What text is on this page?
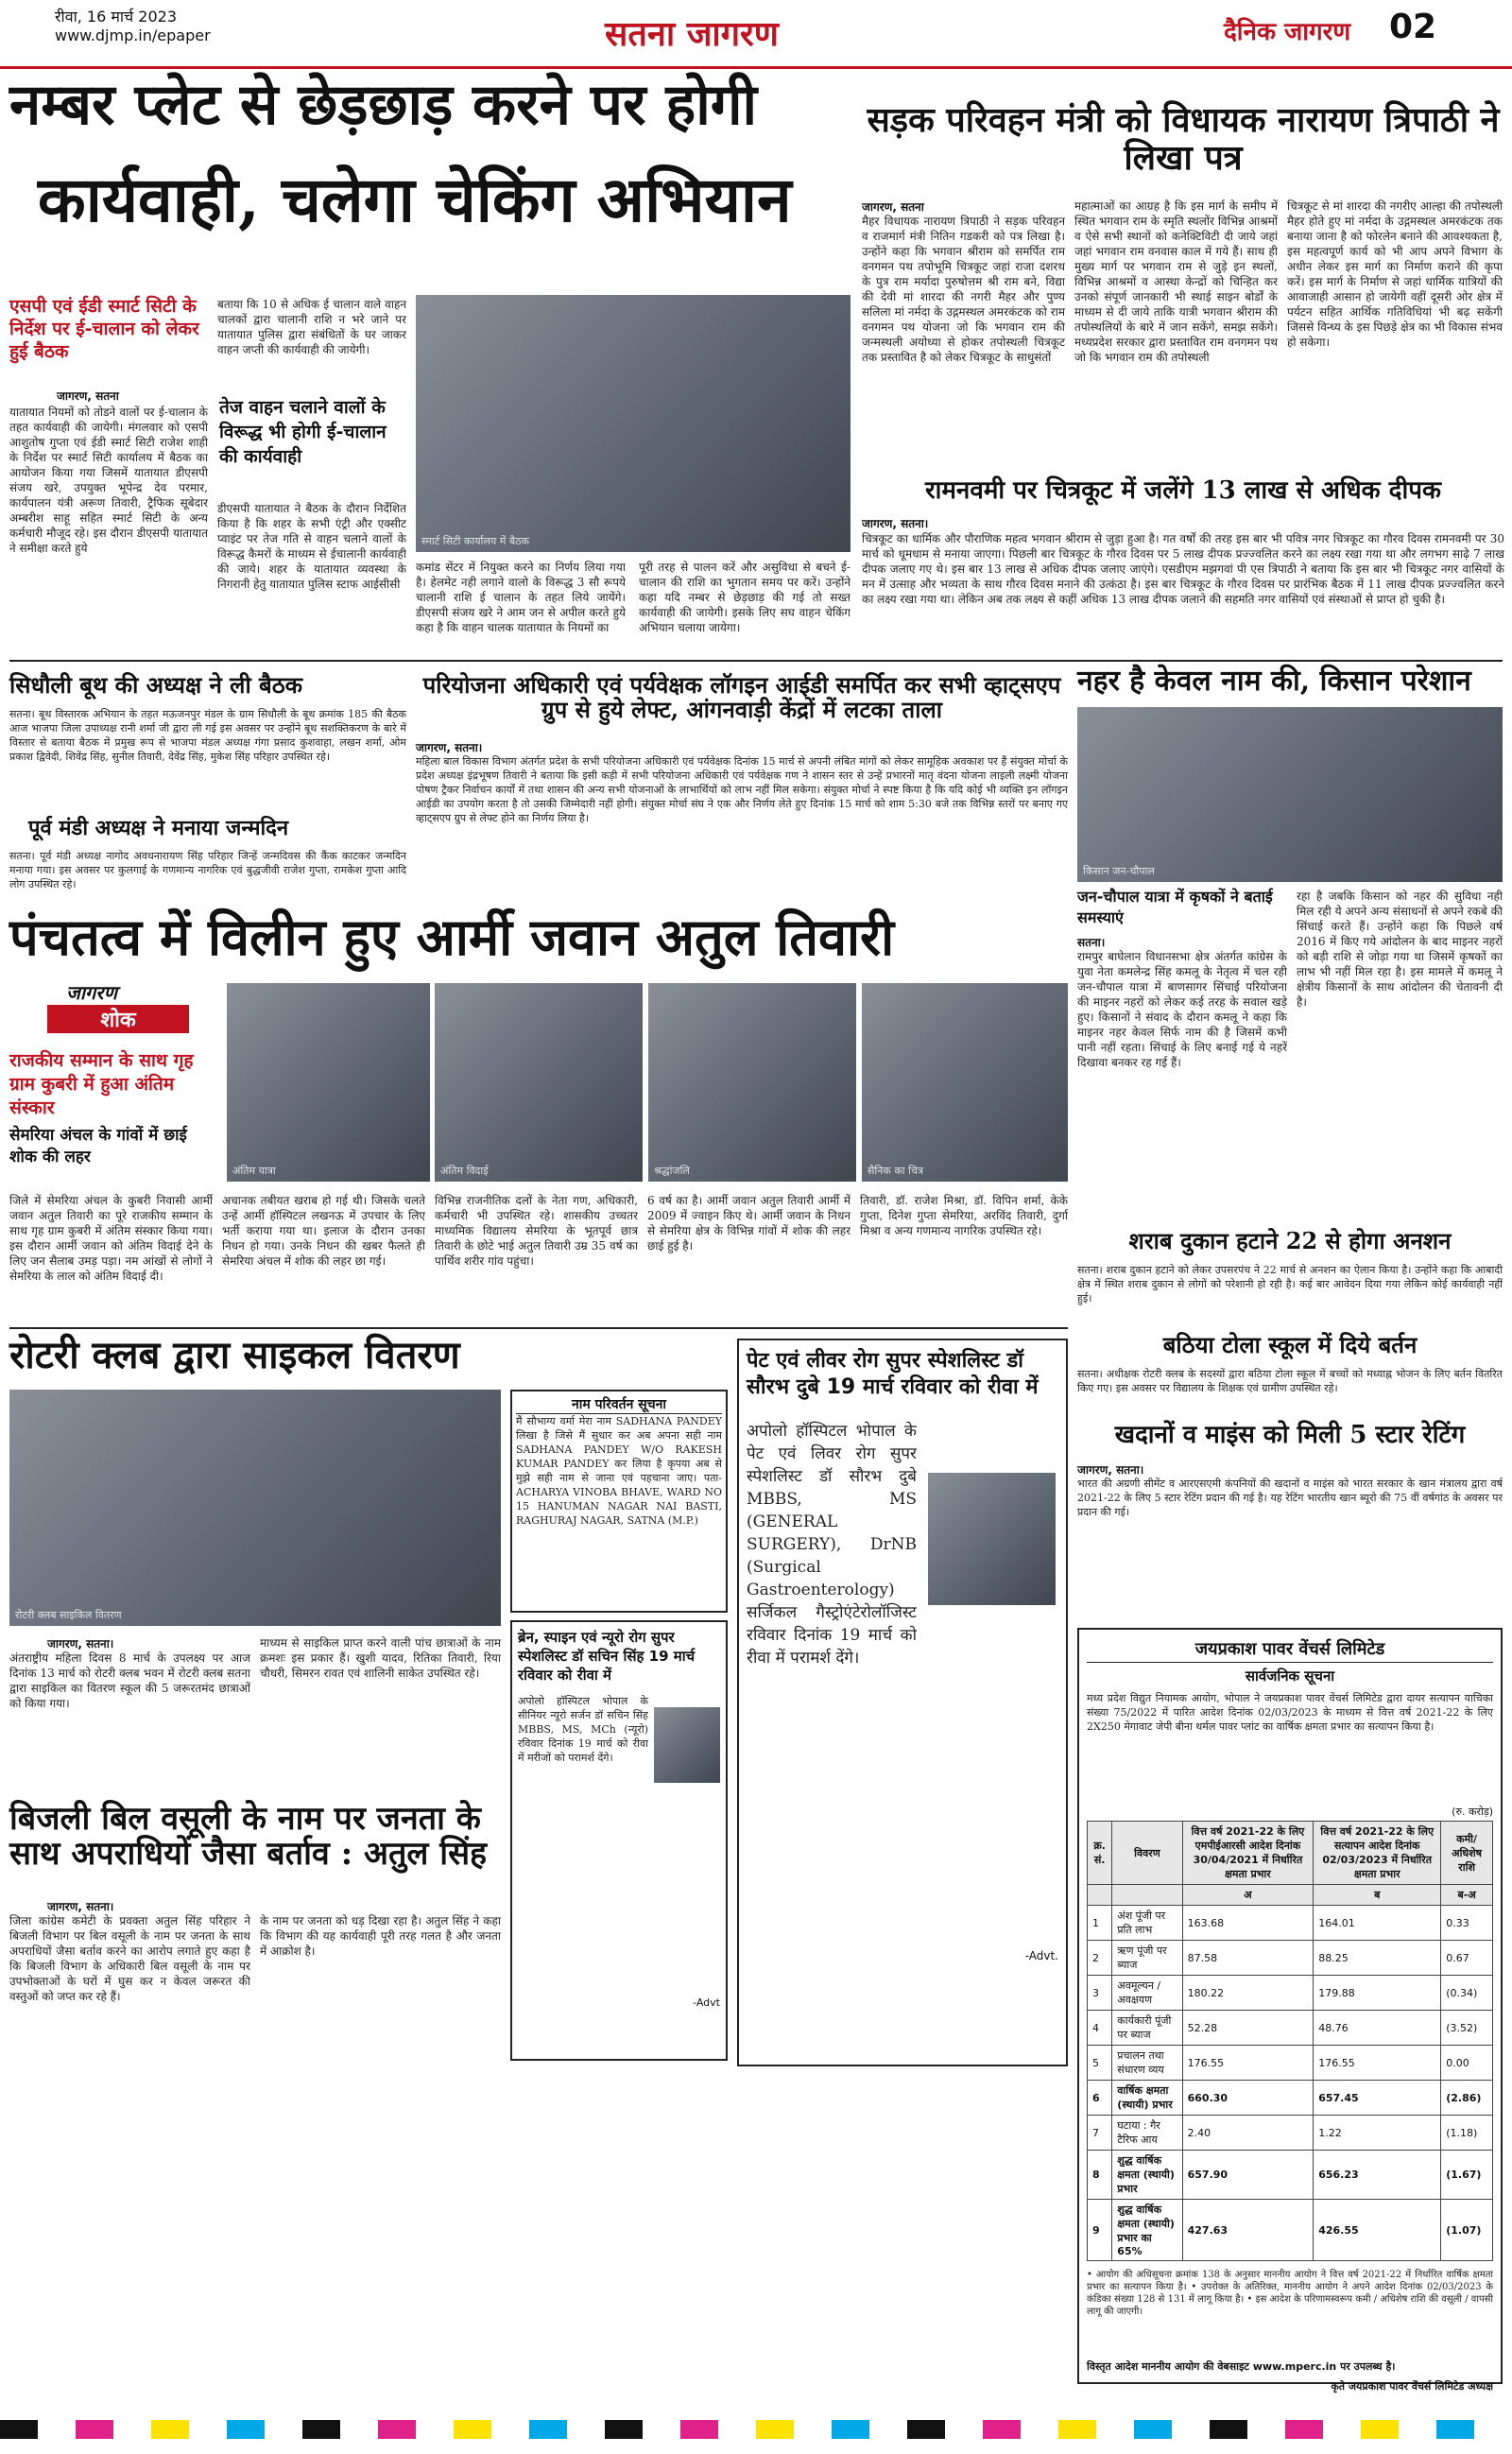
रीवा, 16 मार्च 2023
www.djmp.in/epaper	सतना जागरण	दैनिक जागरण 02
नम्बर प्लेट से छेड़छाड़ करने पर होगी
कार्यवाही, चलेगा चेकिंग अभियान
एसपी एवं ईडी स्मार्ट सिटी के निर्देश पर ई-चालान को लेकर हुई बैठक
जागरण, सतना
यातायात नियमों को तोडने वालों पर ई-चालान के तहत कार्यवाही की जायेगी। मंगलवार को एसपी आशुतोष गुप्ता एवं ईडी स्मार्ट सिटी राजेश शाही के निर्देश पर स्मार्ट सिटी कार्यालय में बैठक का आयोजन किया गया जिसमें यातायात डीएसपी संजय खरे, उपयुक्त भूपेन्द्र देव परमार, कार्यपालन यंत्री अरूण तिवारी, ट्रैफिक सूबेदार अम्बरीश साहू सहित स्मार्ट सिटी के अन्य कर्मचारी मौजूद रहे। इस दौरान डीएसपी यातायात ने समीक्षा करते हुये
बताया कि 10 से अधिक ई चालान वाले वाहन चालकों द्वारा चालानी राशि न भरे जाने पर यातायात पुलिस द्वारा संबंधितों के घर जाकर वाहन जप्ती की कार्यवाही की जायेगी।
तेज वाहन चलाने वालों के विरूद्ध भी होगी ई-चालान की कार्यवाही
डीएसपी यातायात ने बैठक के दौरान निर्देशित किया है कि शहर के सभी एंट्री और एक्सीट प्वाइंट पर तेज गति से वाहन चलाने वालों के विरूद्ध कैमरों के माध्यम से ईचालानी कार्यवाही की जाये। शहर के यातायात व्यवस्था के निगरानी हेतु यातायात पुलिस स्टाफ आईसीसी
स्मार्ट सिटी कार्यालय में बैठक
कमांड सेंटर में नियुक्त करने का निर्णय लिया गया है। हेलमेट नही लगाने वालो के विरूद्ध 3 सौ रूपये चालानी राशि ई चालान के तहत लिये जायेंगे। डीएसपी संजय खरे ने आम जन से अपील करते हुये कहा है कि वाहन चालक यातायात के नियमों का
पूरी तरह से पालन करें और असुविधा से बचने ई-चालान की राशि का भुगतान समय पर करें। उन्होंने कहा यदि नम्बर से छेड़छाड़ की गई तो सख्त कार्यवाही की जायेगी। इसके लिए सघ वाहन चेकिंग अभियान चलाया जायेगा।
सड़क परिवहन मंत्री को विधायक नारायण त्रिपाठी ने लिखा पत्र
जागरण, सतना
मैहर विधायक नारायण त्रिपाठी ने सड़क परिवहन व राजमार्ग मंत्री नितिन गडकरी को पत्र लिखा है। उन्होंने कहा कि भगवान श्रीराम को समर्पित राम वनगमन पथ तपोभूमि चित्रकूट जहां राजा दशरथ के पुत्र राम मर्यादा पुरुषोत्तम श्री राम बने, विद्या की देवी मां शारदा की नगरी मैहर और पुण्य सलिला मां नर्मदा के उद्गमस्थल अमरकंटक को राम वनगमन पथ योजना जो कि भगवान राम की जन्मस्थली अयोध्या से होकर तपोस्थली चित्रकूट तक प्रस्तावित है को लेकर चित्रकूट के साधुसंतों
महात्माओं का आग्रह है कि इस मार्ग के समीप में स्थित भगवान राम के स्मृति स्थलोंर विभिन्न आश्रमों व ऐसे सभी स्थानों को कनेक्टिविटी दी जाये जहां जहां भगवान राम वनवास काल में गये हैं। साथ ही मुख्य मार्ग पर भगवान राम से जुड़े इन स्थलों, विभिन्न आश्रमों व आस्था केन्द्रों को चिन्हित कर उनको संपूर्ण जानकारी भी स्थाई साइन बोर्डों के माध्यम से दी जाये ताकि यात्री भगवान श्रीराम की तपोस्थलियों के बारे में जान सकेंगे, समझ सकेंगे। मध्यप्रदेश सरकार द्वारा प्रस्तावित राम वनगमन पथ जो कि भगवान राम की तपोस्थली
चित्रकूट से मां शारदा की नगरीए आल्हा की तपोस्थली मैहर होते हुए मां नर्मदा के उद्गमस्थल अमरकंटक तक बनाया जाना है को फोरलेन बनाने की आवश्यकता है, इस महत्वपूर्ण कार्य को भी आप अपने विभाग के अधीन लेकर इस मार्ग का निर्माण कराने की कृपा करें। इस मार्ग के निर्माण से जहां धार्मिक यात्रियों की आवाजाही आसान हो जायेगी वहीं दूसरी ओर क्षेत्र में पर्यटन सहित आर्थिक गतिविधियां भी बढ़ सकेंगी जिससे विन्ध्य के इस पिछड़े क्षेत्र का भी विकास संभव हो सकेगा।
रामनवमी पर चित्रकूट में जलेंगे 13 लाख से अधिक दीपक
जागरण, सतना।
चित्रकूट का धार्मिक और पौराणिक महत्व भगवान श्रीराम से जुड़ा हुआ है। गत वर्षों की तरह इस बार भी पवित्र नगर चित्रकूट का गौरव दिवस रामनवमी पर 30 मार्च को धूमधाम से मनाया जाएगा। पिछली बार चित्रकूट के गौरव दिवस पर 5 लाख दीपक प्रज्ज्वलित करने का लक्ष्य रखा गया था और लगभग साढ़े 7 लाख दीपक जलाए गए थे। इस बार 13 लाख से अधिक दीपक जलाए जाएंगे। एसडीएम मझगवां पी एस त्रिपाठी ने बताया कि इस बार भी चित्रकूट नगर वासियों के मन में उत्साह और भव्यता के साथ गौरव दिवस मनाने की उत्कंठा है। इस बार चित्रकूट के गौरव दिवस पर प्रारंभिक बैठक में 11 लाख दीपक प्रज्ज्वलित करने का लक्ष्य रखा गया था। लेकिन अब तक लक्ष्य से कहीं अधिक 13 लाख दीपक जलाने की सहमति नगर वासियों एवं संस्थाओं से प्राप्त हो चुकी है।
सिधौली बूथ की अध्यक्ष ने ली बैठक
सतना। बूथ विस्तारक अभियान के तहत मऊजनपुर मंडल के ग्राम सिधौली के बूथ क्रमांक 185 की बैठक आज भाजपा जिला उपाध्यक्ष रानी शर्मा जी द्वारा ली गई इस अवसर पर उन्होंने बूथ सशक्तिकरण के बारे में विस्तार से बताया बैठक में प्रमुख रूप से भाजपा मंडल अध्यक्ष गंगा प्रसाद कुशवाहा, लखन शर्मा, ओम प्रकाश द्विवेदी, शिवेंद्र सिंह, सुनील तिवारी, देवेंद्र सिंह, मुकेश सिंह परिहार उपस्थित रहे।
पूर्व मंडी अध्यक्ष ने मनाया जन्मदिन
सतना। पूर्व मंडी अध्यक्ष नागोद अवधनारायण सिंह परिहार जिन्हें जन्मदिवस की कैंक काटकर जन्मदिन मनाया गया। इस अवसर पर कुलगाई के गणमान्य नागरिक एवं बुद्धजीवी राजेश गुप्ता, रामकेश गुप्ता आदि लोग उपस्थित रहे।
परियोजना अधिकारी एवं पर्यवेक्षक लॉगइन आईडी समर्पित कर सभी व्हाट्सएप ग्रुप से हुये लेफ्ट, आंगनवाड़ी केंद्रों में लटका ताला
जागरण, सतना।
महिला बाल विकास विभाग अंतर्गत प्रदेश के सभी परियोजना अधिकारी एवं पर्यवेक्षक दिनांक 15 मार्च से अपनी लंबित मांगों को लेकर सामूहिक अवकाश पर हैं संयुक्त मोर्चा के प्रदेश अध्यक्ष इंद्रभूषण तिवारी ने बताया कि इसी कड़ी में सभी परियोजना अधिकारी एवं पर्यवेक्षक गण ने शासन स्तर से उन्हें प्रभारनों मातृ वंदना योजना लाइली लक्ष्मी योजना पोषण ट्रैकर निर्वाचन कार्यों में तथा शासन की अन्य सभी योजनाओं के लाभार्थियों को लाभ नहीं मिल सकेगा। संयुक्त मोर्चा ने स्पष्ट किया है कि यदि कोई भी व्यक्ति इन लॉगइन आईडी का उपयोग करता है तो उसकी जिम्मेदारी नहीं होगी। संयुक्त मोर्चा संघ ने एक और निर्णय लेते हुए दिनांक 15 मार्च को शाम 5:30 बजे तक विभिन्न स्तरों पर बनाए गए व्हाट्सएप ग्रुप से लेफ्ट होने का निर्णय लिया है।
नहर है केवल नाम की, किसान परेशान
किसान जन-चौपाल
जन-चौपाल यात्रा में कृषकों ने बताई समस्याएं
सतना।
रामपुर बाघेलान विधानसभा क्षेत्र अंतर्गत कांग्रेस के युवा नेता कमलेन्द्र सिंह कमलू के नेतृत्व में चल रही जन-चौपाल यात्रा में बाणसागर सिंचाई परियोजना की माइनर नहरों को लेकर कई तरह के सवाल खड़े हुए। किसानों ने संवाद के दौरान कमलू ने कहा कि माइनर नहर केवल सिर्फ नाम की है जिसमें कभी पानी नहीं रहता। सिंचाई के लिए बनाई गई ये नहरें दिखावा बनकर रह गई हैं।
रहा है जबकि किसान को नहर की सुविधा नही मिल रही ये अपने अन्य संसाधनों से अपने रकबे की सिंचाई करते हैं। उन्होंने कहा कि पिछले वर्ष 2016 में किए गये आंदोलन के बाद माइनर नहरों को बड़ी राशि से जोड़ा गया था जिसमें कृषकों का लाभ भी नहीं मिल रहा है। इस मामले में कमलू ने क्षेत्रीय किसानों के साथ आंदोलन की चेतावनी दी है।
पंचतत्व में विलीन हुए आर्मी जवान अतुल तिवारी
जागरण
शोक
राजकीय सम्मान के साथ गृह ग्राम कुबरी में हुआ अंतिम संस्कार
सेमरिया अंचल के गांवों में छाई शोक की लहर
अंतिम यात्रा	अंतिम विदाई	श्रद्धांजलि	सैनिक का चित्र
जिले में सेमरिया अंचल के कुबरी निवासी आर्मी जवान अतुल तिवारी का पूरे राजकीय सम्मान के साथ गृह ग्राम कुबरी में अंतिम संस्कार किया गया। इस दौरान आर्मी जवान को अंतिम विदाई देने के लिए जन सैलाब उमड़ पड़ा। नम आंखों से लोगों ने सेमरिया के लाल को अंतिम विदाई दी।
अचानक तबीयत खराब हो गई थी। जिसके चलते उन्हें आर्मी हॉस्पिटल लखनऊ में उपचार के लिए भर्ती कराया गया था। इलाज के दौरान उनका निधन हो गया। उनके निधन की खबर फैलते ही सेमरिया अंचल में शोक की लहर छा गई।
विभिन्न राजनीतिक दलों के नेता गण, अधिकारी, कर्मचारी भी उपस्थित रहे। शासकीय उच्चतर माध्यमिक विद्यालय सेमरिया के भूतपूर्व छात्र तिवारी के छोटे भाई अतुल तिवारी उम्र 35 वर्ष का पार्थिव शरीर गांव पहुंचा।
6 वर्ष का है। आर्मी जवान अतुल तिवारी आर्मी में 2009 में ज्वाइन किए थे। आर्मी जवान के निधन से सेमरिया क्षेत्र के विभिन्न गांवों में शोक की लहर छाई हुई है।
तिवारी, डॉ. राजेश मिश्रा, डॉ. विपिन शर्मा, केके गुप्ता, दिनेश गुप्ता सेमरिया, अरविंद तिवारी, दुर्गा मिश्रा व अन्य गणमान्य नागरिक उपस्थित रहे।	शराब दुकान हटाने 22 से होगा अनशन
सतना। शराब दुकान हटाने को लेकर उपसरपंच ने 22 मार्च से अनशन का ऐलान किया है। उन्होंने कहा कि आबादी क्षेत्र में स्थित शराब दुकान से लोगों को परेशानी हो रही है। कई बार आवेदन दिया गया लेकिन कोई कार्यवाही नहीं हुई।
बठिया टोला स्कूल में दिये बर्तन
सतना। अधीक्षक रोटरी क्लब के सदस्यों द्वारा बठिया टोला स्कूल में बच्चों को मध्याह्न भोजन के लिए बर्तन वितरित किए गए। इस अवसर पर विद्यालय के शिक्षक एवं ग्रामीण उपस्थित रहे।
रोटरी क्लब द्वारा साइकल वितरण
रोटरी क्लब साइकिल वितरण
जागरण, सतना।
अंतराष्ट्रीय महिला दिवस 8 मार्च के उपलक्ष्य पर आज दिनांक 13 मार्च को रोटरी क्लब भवन में रोटरी क्लब सतना द्वारा साइकिल का वितरण स्कूल की 5 जरूरतमंद छात्राओं को किया गया।
माध्यम से साइकिल प्राप्त करने वाली पांच छात्राओं के नाम क्रमशः इस प्रकार हैं। खुशी यादव, रितिका तिवारी, रिया चौधरी, सिमरन रावत एवं शालिनी साकेत उपस्थित रहे।
नाम परिवर्तन सूचना
मैं सौभाग्य वर्मा मेरा नाम SADHANA PANDEY लिखा है जिसे मैं सुधार कर अब अपना सही नाम SADHANA PANDEY W/O RAKESH KUMAR PANDEY कर लिया है कृपया अब से मुझे सही नाम से जाना एवं पहचाना जाए। पता- ACHARYA VINOBA BHAVE, WARD NO 15 HANUMAN NAGAR NAI BASTI, RAGHURAJ NAGAR, SATNA (M.P.)
ब्रेन, स्पाइन एवं न्यूरो रोग सुपर स्पेशलिस्ट डॉ सचिन सिंह 19 मार्च रविवार को रीवा में
अपोलो हॉस्पिटल भोपाल के सीनियर न्यूरो सर्जन डॉ सचिन सिंह MBBS, MS, MCh (न्यूरो) रविवार दिनांक 19 मार्च को रीवा में मरीजों को परामर्श देंगे।
-Advt
पेट एवं लीवर रोग सुपर स्पेशलिस्ट डॉ सौरभ दुबे 19 मार्च रविवार को रीवा में
अपोलो हॉस्पिटल भोपाल के पेट एवं लिवर रोग सुपर स्पेशलिस्ट डॉ सौरभ दुबे MBBS, MS (GENERAL SURGERY), DrNB (Surgical Gastroenterology) सर्जिकल गैस्ट्रोएंटेरोलॉजिस्ट रविवार दिनांक 19 मार्च को रीवा में परामर्श देंगे।
-Advt.
खदानों व माइंस को मिली 5 स्टार रेटिंग
जागरण, सतना।
भारत की अग्रणी सीमेंट व आरएसएमी कंपनियों की खदानों व माइंस को भारत सरकार के खान मंत्रालय द्वारा वर्ष 2021-22 के लिए 5 स्टार रेटिंग प्रदान की गई है। यह रेटिंग भारतीय खान ब्यूरो की 75 वीं वर्षगांठ के अवसर पर प्रदान की गई।
जयप्रकाश पावर वेंचर्स लिमिटेड
सार्वजनिक सूचना
मध्य प्रदेश विद्युत नियामक आयोग, भोपाल ने जयप्रकाश पावर वेंचर्स लिमिटेड द्वारा दायर सत्यापन याचिका संख्या 75/2022 में पारित आदेश दिनांक 02/03/2023 के माध्यम से वित्त वर्ष 2021-22 के लिए 2X250 मेगावाट जेपी बीना थर्मल पावर प्लांट का वार्षिक क्षमता प्रभार का सत्यापन किया है।
(रु. करोड़)
क्र. सं.	विवरण	वित्त वर्ष 2021-22 के लिए एमपीईआरसी आदेश दिनांक 30/04/2021 में निर्धारित क्षमता प्रभार	वित्त वर्ष 2021-22 के लिए सत्यापन आदेश दिनांक 02/03/2023 में निर्धारित क्षमता प्रभार	कमी/अधिशेष राशि
		अ	ब	ब-अ
1	अंश पूंजी पर प्रति लाभ	163.68	164.01	0.33
2	ऋण पूंजी पर ब्याज	87.58	88.25	0.67
3	अवमूल्यन / अवक्षयण	180.22	179.88	(0.34)
4	कार्यकारी पूंजी पर ब्याज	52.28	48.76	(3.52)
5	प्रचालन तथा संधारण व्यय	176.55	176.55	0.00
6	वार्षिक क्षमता (स्थायी) प्रभार	660.30	657.45	(2.86)
7	घटाया : गैर टैरिफ आय	2.40	1.22	(1.18)
8	शुद्ध वार्षिक क्षमता (स्थायी) प्रभार	657.90	656.23	(1.67)
9	शुद्ध वार्षिक क्षमता (स्थायी) प्रभार का 65%	427.63	426.55	(1.07)
• आयोग की अधिसूचना क्रमांक 138 के अनुसार माननीय आयोग ने वित्त वर्ष 2021-22 में निर्धारित वार्षिक क्षमता प्रभार का सत्यापन किया है। • उपरोक्त के अतिरिक्त, माननीय आयोग ने अपने आदेश दिनांक 02/03/2023 के कंडिका संख्या 128 से 131 में लागू किया है। • इस आदेश के परिणामस्वरूप कमी / अधिशेष राशि की वसूली / वापसी लागू की जाएगी।
विस्तृत आदेश माननीय आयोग की वेबसाइट www.mperc.in पर उपलब्ध है।
कृते जयप्रकाश पावर वेंचर्स लिमिटेड अध्यक्ष
बिजली बिल वसूली के नाम पर जनता के साथ अपराधियों जैसा बर्ताव : अतुल सिंह
जागरण, सतना।
जिला कांग्रेस कमेटी के प्रवक्ता अतुल सिंह परिहार ने बिजली विभाग पर बिल वसूली के नाम पर जनता के साथ अपराधियों जैसा बर्ताव करने का आरोप लगाते हुए कहा है कि बिजली विभाग के अधिकारी बिल वसूली के नाम पर उपभोक्ताओं के घरों में घुस कर न केवल जरूरत की वस्तुओं को जप्त कर रहे हैं।
के नाम पर जनता को धड़ दिखा रहा है। अतुल सिंह ने कहा कि विभाग की यह कार्यवाही पूरी तरह गलत है और जनता में आक्रोश है।
